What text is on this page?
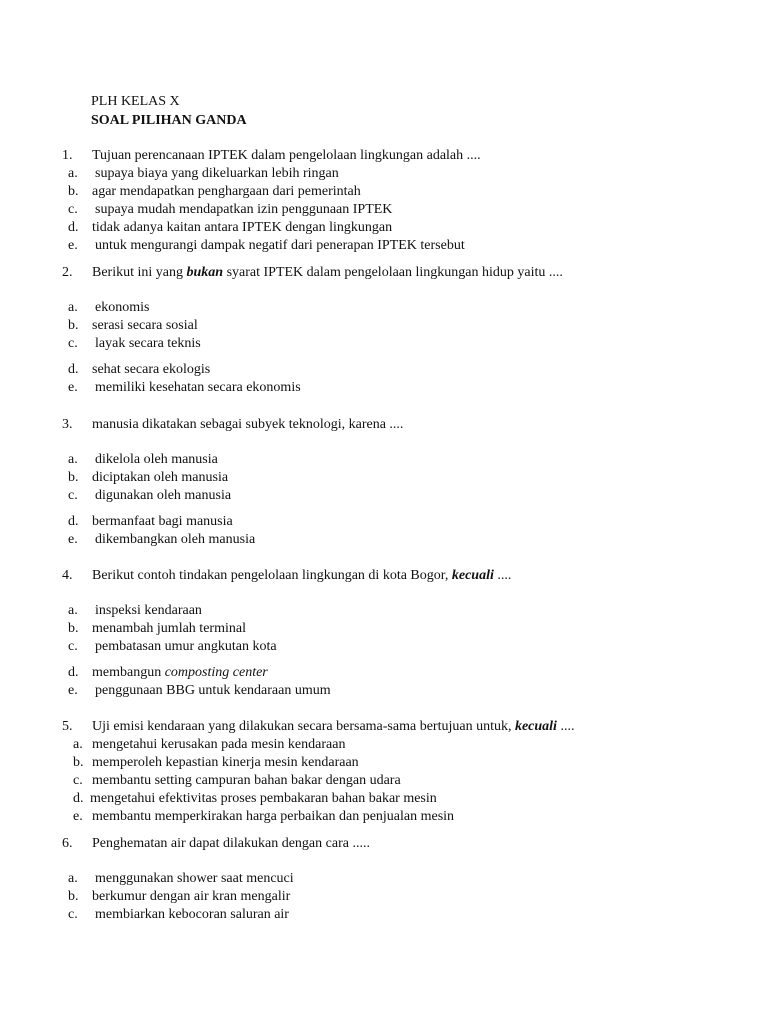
PLH KELAS X
SOAL PILIHAN GANDA
1. Tujuan perencanaan IPTEK dalam pengelolaan lingkungan adalah ....
a. supaya biaya yang dikeluarkan lebih ringan
b. agar mendapatkan penghargaan dari pemerintah
c. supaya mudah mendapatkan izin penggunaan IPTEK
d. tidak adanya kaitan antara IPTEK dengan lingkungan
e. untuk mengurangi dampak negatif dari penerapan IPTEK tersebut
2. Berikut ini yang bukan syarat IPTEK dalam pengelolaan lingkungan hidup yaitu ....
a. ekonomis
b. serasi secara sosial
c. layak secara teknis
d. sehat secara ekologis
e. memiliki kesehatan secara ekonomis
3. manusia dikatakan sebagai subyek teknologi, karena ....
a. dikelola oleh manusia
b. diciptakan oleh manusia
c. digunakan oleh manusia
d. bermanfaat bagi manusia
e. dikembangkan oleh manusia
4. Berikut contoh tindakan pengelolaan lingkungan di kota Bogor, kecuali ....
a. inspeksi kendaraan
b. menambah jumlah terminal
c. pembatasan umur angkutan kota
d. membangun composting center
e. penggunaan BBG untuk kendaraan umum
5. Uji emisi kendaraan yang dilakukan secara bersama-sama bertujuan untuk, kecuali ....
a. mengetahui kerusakan pada mesin kendaraan
b. memperoleh kepastian kinerja mesin kendaraan
c. membantu setting campuran bahan bakar dengan udara
d. mengetahui efektivitas proses pembakaran bahan bakar mesin
e. membantu memperkirakan harga perbaikan dan penjualan mesin
6. Penghematan air dapat dilakukan dengan cara .....
a. menggunakan shower saat mencuci
b. berkumur dengan air kran mengalir
c. membiarkan kebocoran saluran air
